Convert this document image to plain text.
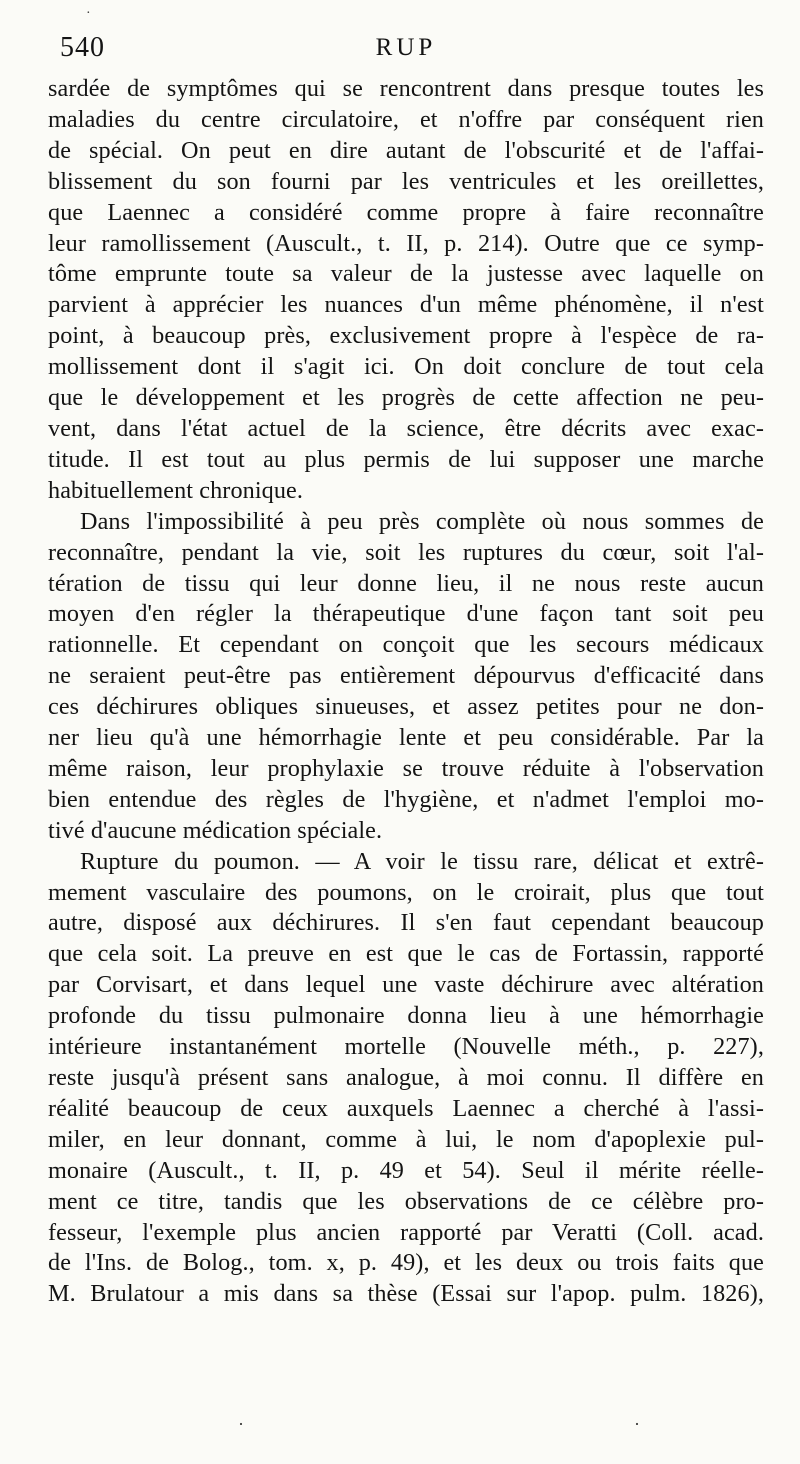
·
540	RUP

sardée de symptômes qui se rencontrent dans presque toutes les
maladies du centre circulatoire, et n'offre par conséquent rien
de spécial. On peut en dire autant de l'obscurité et de l'affai-
blissement du son fourni par les ventricules et les oreillettes,
que Laennec a considéré comme propre à faire reconnaître
leur ramollissement (Auscult., t. II, p. 214). Outre que ce symp-
tôme emprunte toute sa valeur de la justesse avec laquelle on
parvient à apprécier les nuances d'un même phénomène, il n'est
point, à beaucoup près, exclusivement propre à l'espèce de ra-
mollissement dont il s'agit ici. On doit conclure de tout cela
que le développement et les progrès de cette affection ne peu-
vent, dans l'état actuel de la science, être décrits avec exac-
titude. Il est tout au plus permis de lui supposer une marche
habituellement chronique.

Dans l'impossibilité à peu près complète où nous sommes de
reconnaître, pendant la vie, soit les ruptures du cœur, soit l'al-
tération de tissu qui leur donne lieu, il ne nous reste aucun
moyen d'en régler la thérapeutique d'une façon tant soit peu
rationnelle. Et cependant on conçoit que les secours médicaux
ne seraient peut-être pas entièrement dépourvus d'efficacité dans
ces déchirures obliques sinueuses, et assez petites pour ne don-
ner lieu qu'à une hémorrhagie lente et peu considérable. Par la
même raison, leur prophylaxie se trouve réduite à l'observation
bien entendue des règles de l'hygiène, et n'admet l'emploi mo-
tivé d'aucune médication spéciale.

Rupture du poumon. — A voir le tissu rare, délicat et extrê-
mement vasculaire des poumons, on le croirait, plus que tout
autre, disposé aux déchirures. Il s'en faut cependant beaucoup
que cela soit. La preuve en est que le cas de Fortassin, rapporté
par Corvisart, et dans lequel une vaste déchirure avec altération
profonde du tissu pulmonaire donna lieu à une hémorrhagie
intérieure instantanément mortelle (Nouvelle méth., p. 227),
reste jusqu'à présent sans analogue, à moi connu. Il diffère en
réalité beaucoup de ceux auxquels Laennec a cherché à l'assi-
miler, en leur donnant, comme à lui, le nom d'apoplexie pul-
monaire (Auscult., t. II, p. 49 et 54). Seul il mérite réelle-
ment ce titre, tandis que les observations de ce célèbre pro-
fesseur, l'exemple plus ancien rapporté par Veratti (Coll. acad.
de l'Ins. de Bolog., tom. x, p. 49), et les deux ou trois faits que
M. Brulatour a mis dans sa thèse (Essai sur l'apop. pulm. 1826),

·	·
